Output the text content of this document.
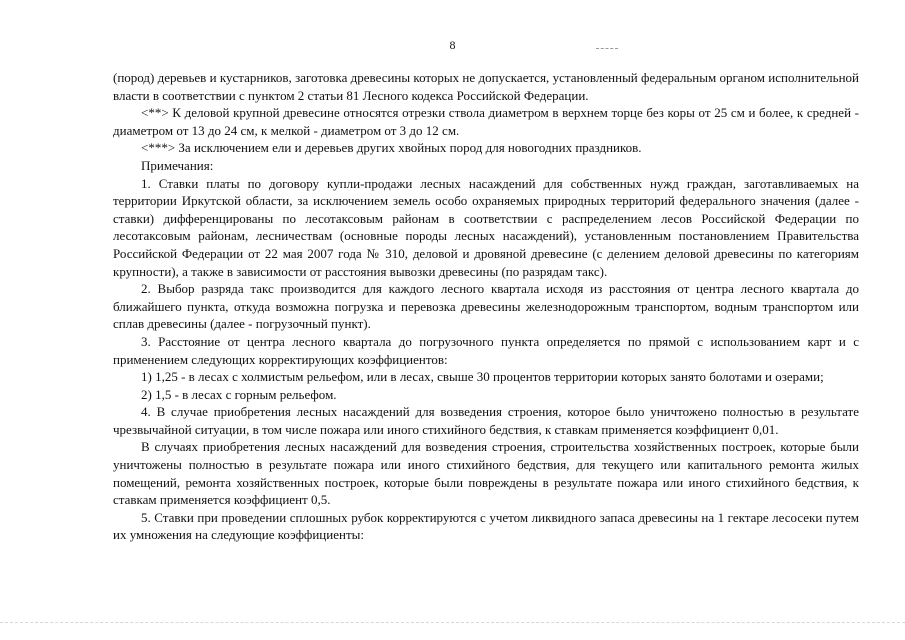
8

(пород) деревьев и кустарников, заготовка древесины которых не допускается, установленный федеральным органом исполнительной власти в соответствии с пунктом 2 статьи 81 Лесного кодекса Российской Федерации.

<**> К деловой крупной древесине относятся отрезки ствола диаметром в верхнем торце без коры от 25 см и более, к средней - диаметром от 13 до 24 см, к мелкой - диаметром от 3 до 12 см.

<***> За исключением ели и деревьев других хвойных пород для новогодних праздников.

Примечания:

1. Ставки платы по договору купли-продажи лесных насаждений для собственных нужд граждан, заготавливаемых на территории Иркутской области, за исключением земель особо охраняемых природных территорий федерального значения (далее - ставки) дифференцированы по лесотаксовым районам в соответствии с распределением лесов Российской Федерации по лесотаксовым районам, лесничествам (основные породы лесных насаждений), установленным постановлением Правительства Российской Федерации от 22 мая 2007 года № 310, деловой и дровяной древесине (с делением деловой древесины по категориям крупности), а также в зависимости от расстояния вывозки древесины (по разрядам такс).

2. Выбор разряда такс производится для каждого лесного квартала исходя из расстояния от центра лесного квартала до ближайшего пункта, откуда возможна погрузка и перевозка древесины железнодорожным транспортом, водным транспортом или сплав древесины (далее - погрузочный пункт).

3. Расстояние от центра лесного квартала до погрузочного пункта определяется по прямой с использованием карт и с применением следующих корректирующих коэффициентов:

1) 1,25 - в лесах с холмистым рельефом, или в лесах, свыше 30 процентов территории которых занято болотами и озерами;

2) 1,5 - в лесах с горным рельефом.

4. В случае приобретения лесных насаждений для возведения строения, которое было уничтожено полностью в результате чрезвычайной ситуации, в том числе пожара или иного стихийного бедствия, к ставкам применяется коэффициент 0,01.

В случаях приобретения лесных насаждений для возведения строения, строительства хозяйственных построек, которые были уничтожены полностью в результате пожара или иного стихийного бедствия, для текущего или капитального ремонта жилых помещений, ремонта хозяйственных построек, которые были повреждены в результате пожара или иного стихийного бедствия, к ставкам применяется коэффициент 0,5.

5. Ставки при проведении сплошных рубок корректируются с учетом ликвидного запаса древесины на 1 гектаре лесосеки путем их умножения на следующие коэффициенты:
